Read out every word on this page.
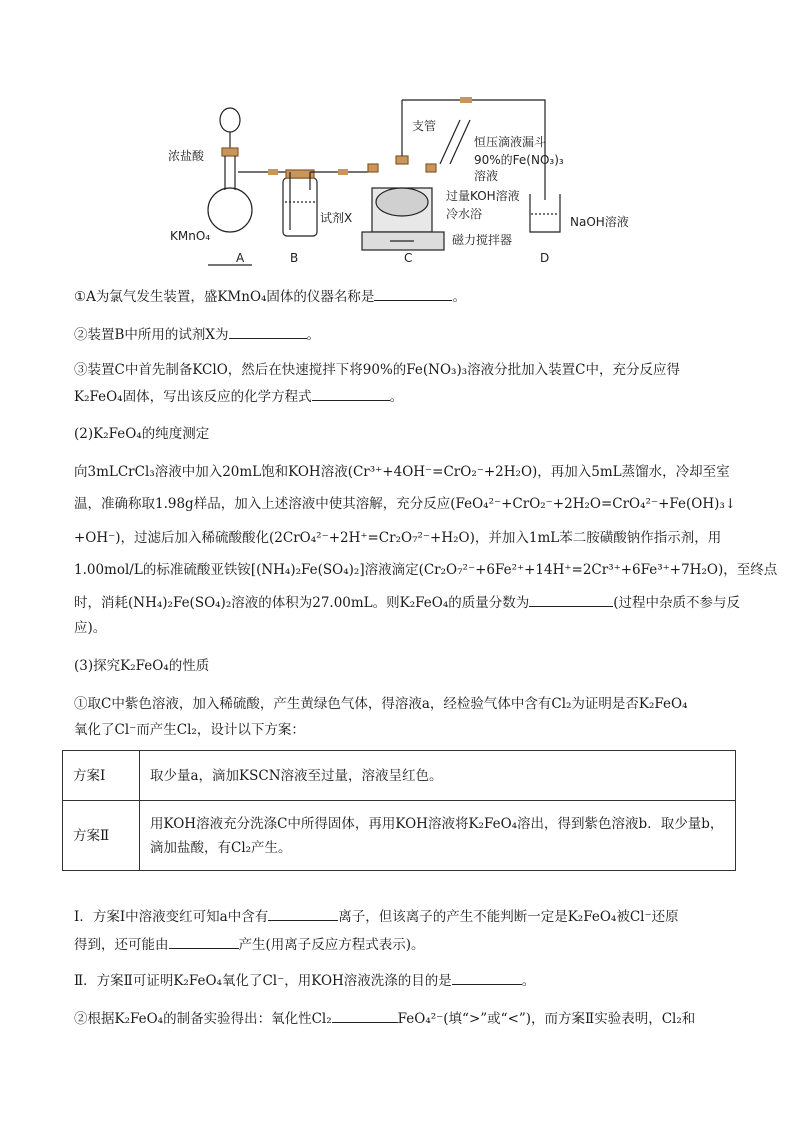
浓盐酸
KMnO₄
试剂X
支管
恒压滴液漏斗
90%的Fe(NO₃)₃
溶液
过量KOH溶液
冷水浴
磁力搅拌器
NaOH溶液
A	B	C	D
①A为氯气发生装置，盛KMnO₄固体的仪器名称是	。
②装置B中所用的试剂X为	。
③装置C中首先制备KClO，然后在快速搅拌下将90%的Fe(NO₃)₃溶液分批加入装置C中，充分反应得
K₂FeO₄固体，写出该反应的化学方程式	。
(2)K₂FeO₄的纯度测定
向3mLCrCl₃溶液中加入20mL饱和KOH溶液(Cr³⁺+4OH⁻=CrO₂⁻+2H₂O)，再加入5mL蒸馏水，冷却至室
温，准确称取1.98g样品，加入上述溶液中使其溶解，充分反应(FeO₄²⁻+CrO₂⁻+2H₂O=CrO₄²⁻+Fe(OH)₃↓
+OH⁻)，过滤后加入稀硫酸酸化(2CrO₄²⁻+2H⁺=Cr₂O₇²⁻+H₂O)，并加入1mL苯二胺磺酸钠作指示剂，用
1.00mol/L的标准硫酸亚铁铵[(NH₄)₂Fe(SO₄)₂]溶液滴定(Cr₂O₇²⁻+6Fe²⁺+14H⁺=2Cr³⁺+6Fe³⁺+7H₂O)，至终点
时，消耗(NH₄)₂Fe(SO₄)₂溶液的体积为27.00mL。则K₂FeO₄的质量分数为	(过程中杂质不参与反
应)。
(3)探究K₂FeO₄的性质
①取C中紫色溶液，加入稀硫酸，产生黄绿色气体，得溶液a，经检验气体中含有Cl₂为证明是否K₂FeO₄
氧化了Cl⁻而产生Cl₂，设计以下方案：
方案Ⅰ	取少量a，滴加KSCN溶液至过量，溶液呈红色。
方案Ⅱ	用KOH溶液充分洗涤C中所得固体，再用KOH溶液将K₂FeO₄溶出，得到紫色溶液b．取少量b，滴加盐酸，有Cl₂产生。
Ⅰ．方案Ⅰ中溶液变红可知a中含有	离子，但该离子的产生不能判断一定是K₂FeO₄被Cl⁻还原
得到，还可能由	产生(用离子反应方程式表示)。
Ⅱ．方案Ⅱ可证明K₂FeO₄氧化了Cl⁻，用KOH溶液洗涤的目的是	。
②根据K₂FeO₄的制备实验得出：氧化性Cl₂	FeO₄²⁻(填“>”或“<”)，而方案Ⅱ实验表明，Cl₂和
